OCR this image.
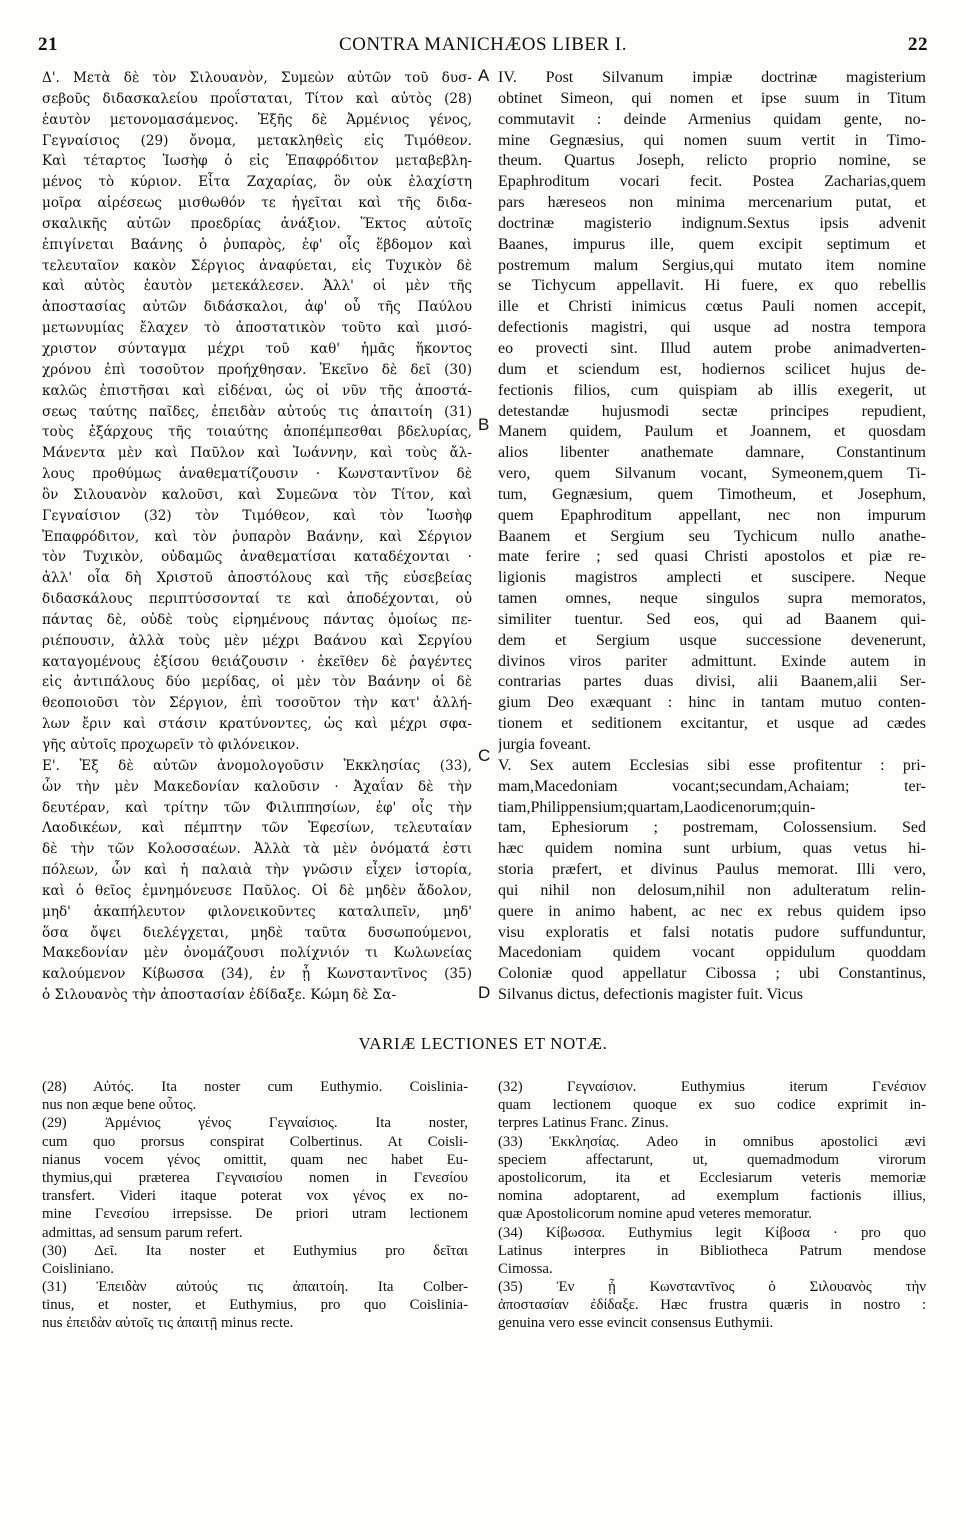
21	CONTRA MANICHÆOS LIBER I.	22
Δ'. Μετὰ δὲ τὸν Σιλουανὸν, Συμεὼν αὐτῶν τοῦ δυσ-
σεβοῦς διδασκαλείου προΐσταται, Τίτον καὶ αὐτὸς (28)
ἑαυτὸν μετονομασάμενος. Ἐξῆς δὲ Ἀρμένιος γένος,
Γεγναίσιος (29) ὄνομα, μετακληθεὶς εἰς Τιμόθεον.
Καὶ τέταρτος Ἰωσὴφ ὁ εἰς Ἐπαφρόδιτον μεταβεβλη-
μένος τὸ κύριον. Εἶτα Ζαχαρίας, ὃν οὐκ ἐλαχίστη
μοῖρα αἱρέσεως μισθωθόν τε ἡγεῖται καὶ τῆς διδα-
σκαλικῆς αὐτῶν προεδρίας ἀνάξιον. Ἕκτος αὐτοῖς
ἐπιγίνεται Βαάνης ὁ ῥυπαρὸς, ἐφ' οἷς ἕβδομον καὶ
τελευταῖον κακὸν Σέργιος ἀναφύεται, εἰς Τυχικὸν δὲ
καὶ αὐτὸς ἑαυτὸν μετεκάλεσεν. Ἀλλ' οἱ μὲν τῆς
ἀποστασίας αὐτῶν διδάσκαλοι, ἀφ' οὗ τῆς Παύλου
μετωνυμίας ἔλαχεν τὸ ἀποστατικὸν τοῦτο καὶ μισό-
χριστον σύνταγμα μέχρι τοῦ καθ' ἡμᾶς ἥκοντος
χρόνου ἐπὶ τοσοῦτον προήχθησαν. Ἐκεῖνο δὲ δεῖ (30)
καλῶς ἐπιστῆσαι καὶ εἰδέναι, ὡς οἱ νῦν τῆς ἀποστά-
σεως ταύτης παῖδες, ἐπειδὰν αὐτούς τις ἀπαιτοίη (31)
τοὺς ἐξάρχους τῆς τοιαύτης ἀποπέμπεσθαι βδελυρίας,
Μάνεντα μὲν καὶ Παῦλον καὶ Ἰωάννην, καὶ τοὺς ἄλ-
λους προθύμως ἀναθεματίζουσιν · Κωνσταντῖνον δὲ
ὃν Σιλουανὸν καλοῦσι, καὶ Συμεῶνα τὸν Τίτον, καὶ
Γεγναίσιον (32) τὸν Τιμόθεον, καὶ τὸν Ἰωσὴφ
Ἐπαφρόδιτον, καὶ τὸν ῥυπαρὸν Βαάνην, καὶ Σέργιον
τὸν Τυχικὸν, οὐδαμῶς ἀναθεματίσαι καταδέχονται ·
ἀλλ' οἷα δὴ Χριστοῦ ἀποστόλους καὶ τῆς εὐσεβείας
διδασκάλους περιπτύσσονταί τε καὶ ἀποδέχονται, οὐ
πάντας δὲ, οὐδὲ τοὺς εἰρημένους πάντας ὁμοίως πε-
ριέπουσιν, ἀλλὰ τοὺς μὲν μέχρι Βαάνου καὶ Σεργίου
καταγομένους ἐξίσου θειάζουσιν · ἐκεῖθεν δὲ ῥαγέντες
εἰς ἀντιπάλους δύο μερίδας, οἱ μὲν τὸν Βαάνην οἱ δὲ
θεοποιοῦσι τὸν Σέργιον, ἐπὶ τοσοῦτον τὴν κατ' ἀλλή-
λων ἔριν καὶ στάσιν κρατύνοντες, ὡς καὶ μέχρι σφα-
γῆς αὐτοῖς προχωρεῖν τὸ φιλόνεικον.
Ε'. Ἐξ δὲ αὐτῶν ἀνομολογοῦσιν Ἐκκλησίας (33),
ὧν τὴν μὲν Μακεδονίαν καλοῦσιν · Ἀχαΐαν δὲ τὴν
δευτέραν, καὶ τρίτην τῶν Φιλιππησίων, ἐφ' οἷς τὴν
Λαοδικέων, καὶ πέμπτην τῶν Ἐφεσίων, τελευταίαν
δὲ τὴν τῶν Κολοσσαέων. Ἀλλὰ τὰ μὲν ὀνόματά ἐστι
πόλεων, ὧν καὶ ἡ παλαιὰ τὴν γνῶσιν εἶχεν ἱστορία,
καὶ ὁ θεῖος ἐμνημόνευσε Παῦλος. Οἱ δὲ μηδὲν ἄδολον,
μηδ' ἀκαπήλευτον φιλονεικοῦντες καταλιπεῖν, μηδ'
ὅσα ὄψει διελέγχεται, μηδὲ ταῦτα δυσωπούμενοι,
Μακεδονίαν μὲν ὀνομάζουσι πολίχνιόν τι Κωλωνείας
καλούμενον Κίβωσσα (34), ἐν ᾗ Κωνσταντῖνος (35)
ὁ Σιλουανὸς τὴν ἀποστασίαν ἐδίδαξε. Κώμη δὲ Σα-
IV. Post Silvanum impiæ doctrinæ magisterium
obtinet Simeon, qui nomen et ipse suum in Titum
commutavit : deinde Armenius quidam gente, no-
mine Gegnæsius, qui nomen suum vertit in Timo-
theum. Quartus Joseph, relicto proprio nomine, se
Epaphroditum vocari fecit. Postea Zacharias,quem
pars hæreseos non minima mercenarium putat, et
doctrinæ magisterio indignum.Sextus ipsis advenit
Baanes, impurus ille, quem excipit septimum et
postremum malum Sergius,qui mutato item nomine
se Tichycum appellavit. Hi fuere, ex quo rebellis
ille et Christi inimicus cœtus Pauli nomen accepit,
defectionis magistri, qui usque ad nostra tempora
eo provecti sint. Illud autem probe animadverten-
dum et sciendum est, hodiernos scilicet hujus de-
fectionis filios, cum quispiam ab illis exegerit, ut
detestandæ hujusmodi sectæ principes repudient,
Manem quidem, Paulum et Joannem, et quosdam
alios libenter anathemate damnare, Constantinum
vero, quem Silvanum vocant, Symeonem,quem Ti-
tum, Gegnæsium, quem Timotheum, et Josephum,
quem Epaphroditum appellant, nec non impurum
Baanem et Sergium seu Tychicum nullo anathe-
mate ferire ; sed quasi Christi apostolos et piæ re-
ligionis magistros amplecti et suscipere. Neque
tamen omnes, neque singulos supra memoratos,
similiter tuentur. Sed eos, qui ad Baanem qui-
dem et Sergium usque successione devenerunt,
divinos viros pariter admittunt. Exinde autem in
contrarias partes duas divisi, alii Baanem,alii Ser-
gium Deo exæquant : hinc in tantam mutuo conten-
tionem et seditionem excitantur, et usque ad cædes
jurgia foveant.
V. Sex autem Ecclesias sibi esse profitentur : pri-
mam,Macedoniam vocant;secundam,Achaiam; ter-
tiam,Philippensium;quartam,Laodicenorum;quin-
tam, Ephesiorum ; postremam, Colossensium. Sed
hæc quidem nomina sunt urbium, quas vetus hi-
storia præfert, et divinus Paulus memorat. Illi vero,
qui nihil non delosum,nihil non adulteratum relin-
quere in animo habent, ac nec ex rebus quidem ipso
visu exploratis et falsi notatis pudore suffunduntur,
Macedoniam quidem vocant oppidulum quoddam
Coloniæ quod appellatur Cibossa ; ubi Constantinus,
Silvanus dictus, defectionis magister fuit. Vicus
A
B
C
D
VARIÆ LECTIONES ET NOTÆ.
(28) Αὐτός. Ita noster cum Euthymio. Coislinia-
nus non æque bene οὗτος.
(29) Ἀρμένιος γένος Γεγναίσιος. Ita noster,
cum quo prorsus conspirat Colbertinus. At Coisli-
nianus vocem γένος omittit, quam nec habet Eu-
thymius,qui præterea Γεγναισίου nomen in Γενεσίου
transfert. Videri itaque poterat vox γένος ex no-
mine Γενεσίου irrepsisse. De priori utram lectionem
admittas, ad sensum parum refert.
(30) Δεῖ. Ita noster et Euthymius pro δεῖται
Coisliniano.
(31) Ἐπειδὰν αὐτούς τις ἀπαιτοίη. Ita Colber-
tinus, et noster, et Euthymius, pro quo Coislinia-
nus ἐπειδὰν αὐτοῖς τις ἀπαιτῇ minus recte.
(32) Γεγναίσιον. Euthymius iterum Γενέσιον
quam lectionem quoque ex suo codice exprimit in-
terpres Latinus Franc. Zinus.
(33) Ἐκκλησίας. Adeo in omnibus apostolici ævi
speciem affectarunt, ut, quemadmodum virorum
apostolicorum, ita et Ecclesiarum veteris memoriæ
nomina adoptarent, ad exemplum factionis illius,
quæ Apostolicorum nomine apud veteres memoratur.
(34) Κίβωσσα. Euthymius legit Κίβοσα · pro quo
Latinus interpres in Bibliotheca Patrum mendose
Cimossa.
(35) Ἐν ᾗ Κωνσταντῖνος ὁ Σιλουανὸς τὴν
ἀποστασίαν ἐδίδαξε. Hæc frustra quæris in nostro :
genuina vero esse evincit consensus Euthymii.
